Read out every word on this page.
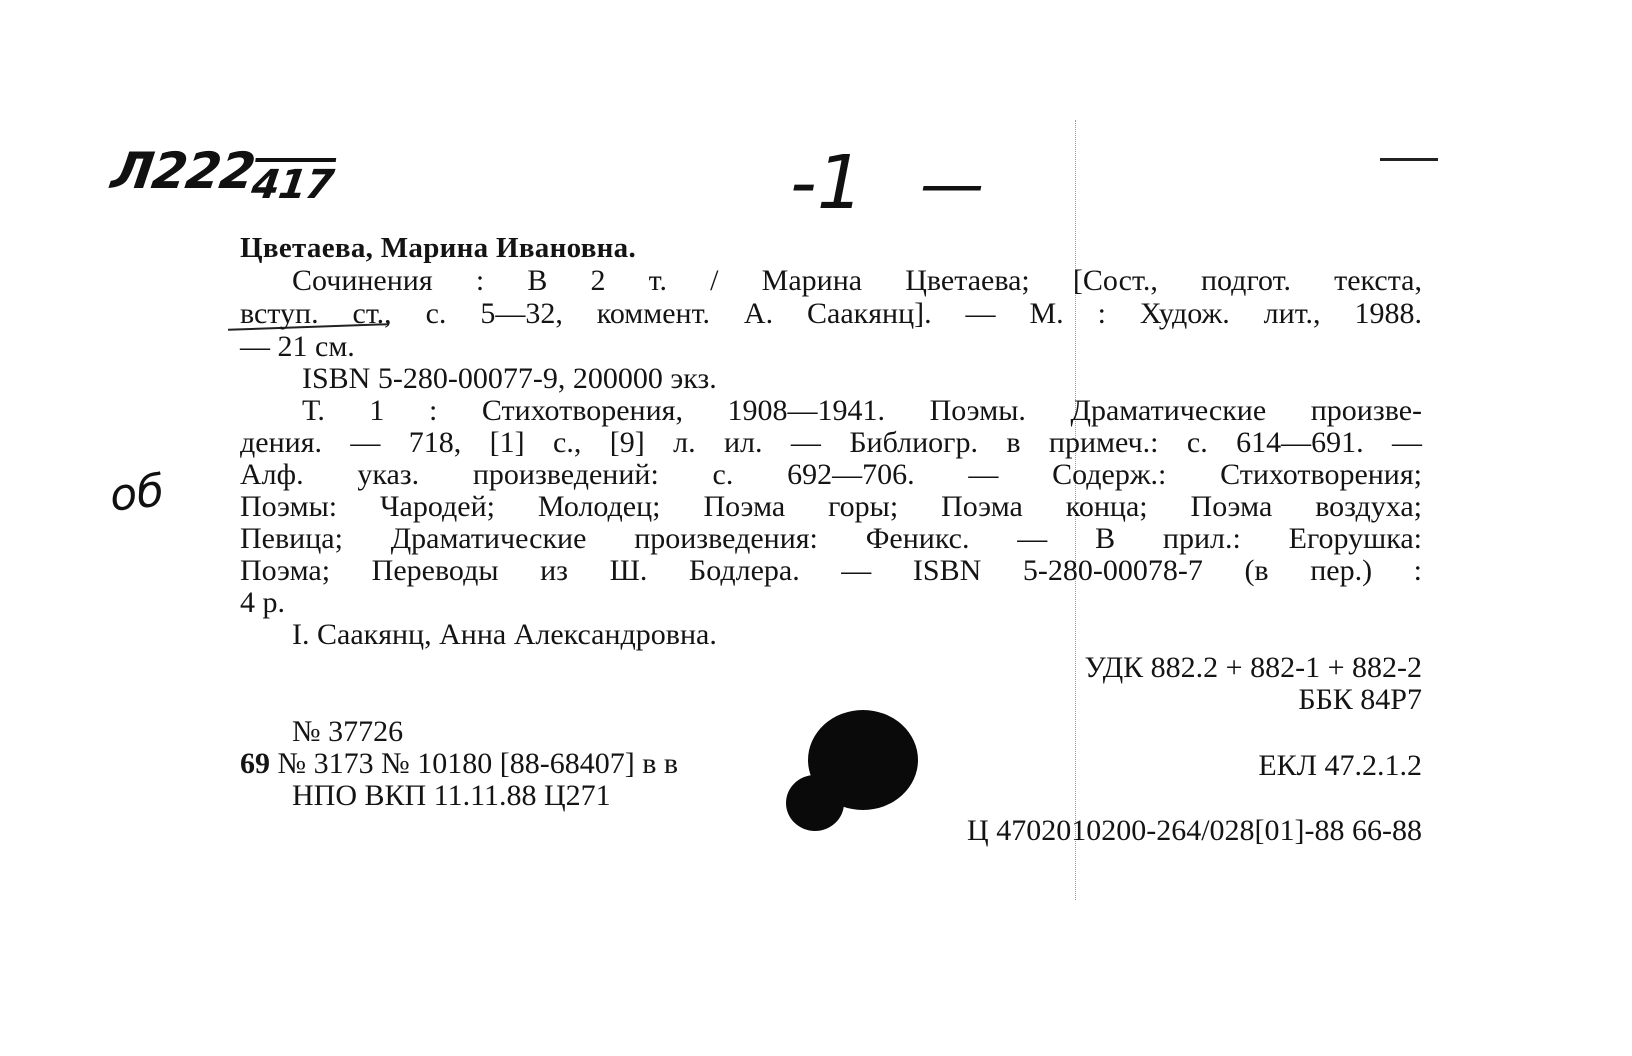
$Л222_{417}$	-1 —
об
Цветаева, Марина Ивановна.
Сочинения : В 2 т. / Марина Цветаева; [Сост., подгот. текста,
вступ. ст., с. 5—32, коммент. А. Саакянц]. — М. : Худож. лит., 1988.
— 21 см.
ISBN 5-280-00077-9, 200000 экз.
Т. 1 : Стихотворения, 1908—1941. Поэмы. Драматические произве-
дения. — 718, [1] с., [9] л. ил. — Библиогр. в примеч.: с. 614—691. —
Алф. указ. произведений: с. 692—706. — Содерж.: Стихотворения;
Поэмы: Чародей; Молодец; Поэма горы; Поэма конца; Поэма воздуха;
Певица; Драматические произведения: Феникс. — В прил.: Егорушка:
Поэма; Переводы из Ш. Бодлера. — ISBN 5-280-00078-7 (в пер.) :
4 р.
I. Саакянц, Анна Александровна.
УДК 882.2 + 882-1 + 882-2
ББК 84Р7
№ 37726
69 № 3173 № 10180 [88-68407] в в
НПО ВКП 11.11.88 Ц271
ЕКЛ 47.2.1.2
Ц 4702010200-264/028[01]-88 66-88
